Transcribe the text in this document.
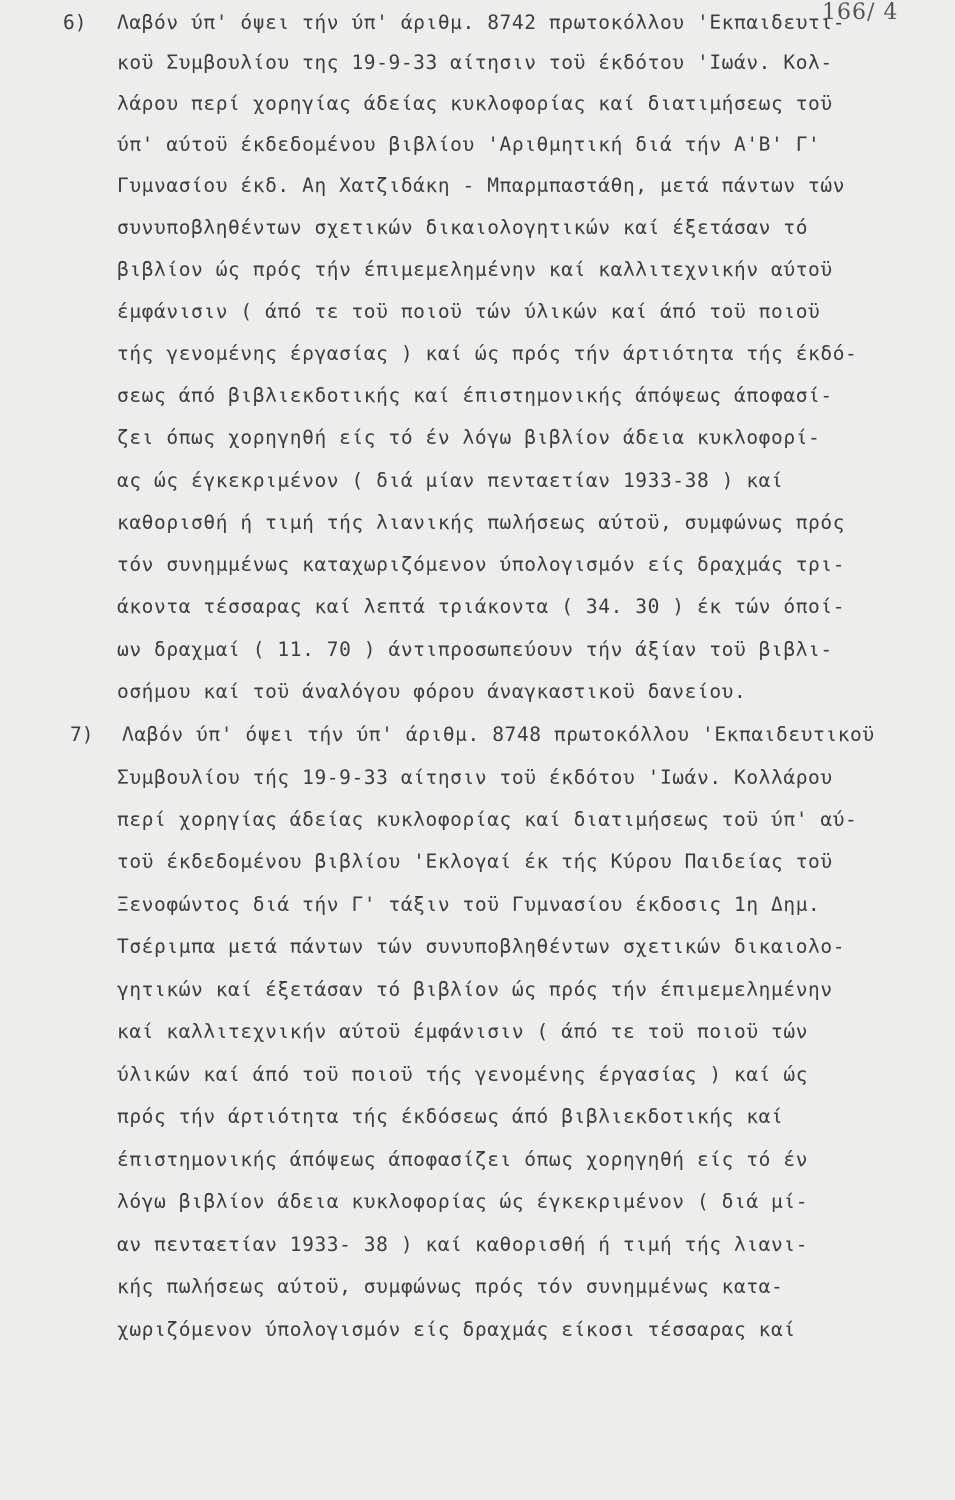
166/ 4
6) Λαβόν ύπ' όψει τήν ύπ' άριθμ. 8742 πρωτοκόλλου 'Εκπαιδευτι-
κοϋ Συμβουλίου της 19-9-33 αίτησιν τοϋ έκδότου 'Ιωάν. Κολ-
λάρου περί χορηγίας άδείας κυκλοφορίας καί διατιμήσεως τοϋ
ύπ' αύτοϋ έκδεδομένου βιβλίου 'Αριθμητική διά τήν Α'Β' Γ'
Γυμνασίου έκδ. Αη Χατζιδάκη - Μπαρμπαστάθη, μετά πάντων τών
συνυποβληθέντων σχετικών δικαιολογητικών καί έξετάσαν τό
βιβλίον ώς πρός τήν έπιμεμελημένην καί καλλιτεχνικήν αύτοϋ
έμφάνισιν ( άπό τε τοϋ ποιοϋ τών ύλικών καί άπό τοϋ ποιοϋ
τής γενομένης έργασίας ) καί ώς πρός τήν άρτιότητα τής έκδό-
σεως άπό βιβλιεκδοτικής καί έπιστημονικής άπόψεως άποφασί-
ζει όπως χορηγηθή είς τό έν λόγω βιβλίον άδεια κυκλοφορί-
ας ώς έγκεκριμένον ( διά μίαν πενταετίαν 1933-38 ) καί
καθορισθή ή τιμή τής λιανικής πωλήσεως αύτοϋ, συμφώνως πρός
τόν συνημμένως καταχωριζόμενον ύπολογισμόν είς δραχμάς τρι-
άκοντα τέσσαρας καί λεπτά τριάκοντα ( 34. 30 ) έκ τών όποί-
ων δραχμαί ( 11. 70 ) άντιπροσωπεύουν τήν άξίαν τοϋ βιβλι-
οσήμου καί τοϋ άναλόγου φόρου άναγκαστικοϋ δανείου.
7) Λαβόν ύπ' όψει τήν ύπ' άριθμ. 8748 πρωτοκόλλου 'Εκπαιδευτικοϋ
Συμβουλίου τής 19-9-33 αίτησιν τοϋ έκδότου 'Ιωάν. Κολλάρου
περί χορηγίας άδείας κυκλοφορίας καί διατιμήσεως τοϋ ύπ' αύ-
τοϋ έκδεδομένου βιβλίου 'Εκλογαί έκ τής Κύρου Παιδείας τοϋ
Ξενοφώντος διά τήν Γ' τάξιν τοϋ Γυμνασίου έκδοσις 1η Δημ.
Τσέριμπα μετά πάντων τών συνυποβληθέντων σχετικών δικαιολο-
γητικών καί έξετάσαν τό βιβλίον ώς πρός τήν έπιμεμελημένην
καί καλλιτεχνικήν αύτοϋ έμφάνισιν ( άπό τε τοϋ ποιοϋ τών
ύλικών καί άπό τοϋ ποιοϋ τής γενομένης έργασίας ) καί ώς
πρός τήν άρτιότητα τής έκδόσεως άπό βιβλιεκδοτικής καί
έπιστημονικής άπόψεως άποφασίζει όπως χορηγηθή είς τό έν
λόγω βιβλίον άδεια κυκλοφορίας ώς έγκεκριμένον ( διά μί-
αν πενταετίαν 1933- 38 ) καί καθορισθή ή τιμή τής λιανι-
κής πωλήσεως αύτοϋ, συμφώνως πρός τόν συνημμένως κατα-
χωριζόμενον ύπολογισμόν είς δραχμάς είκοσι τέσσαρας καί
